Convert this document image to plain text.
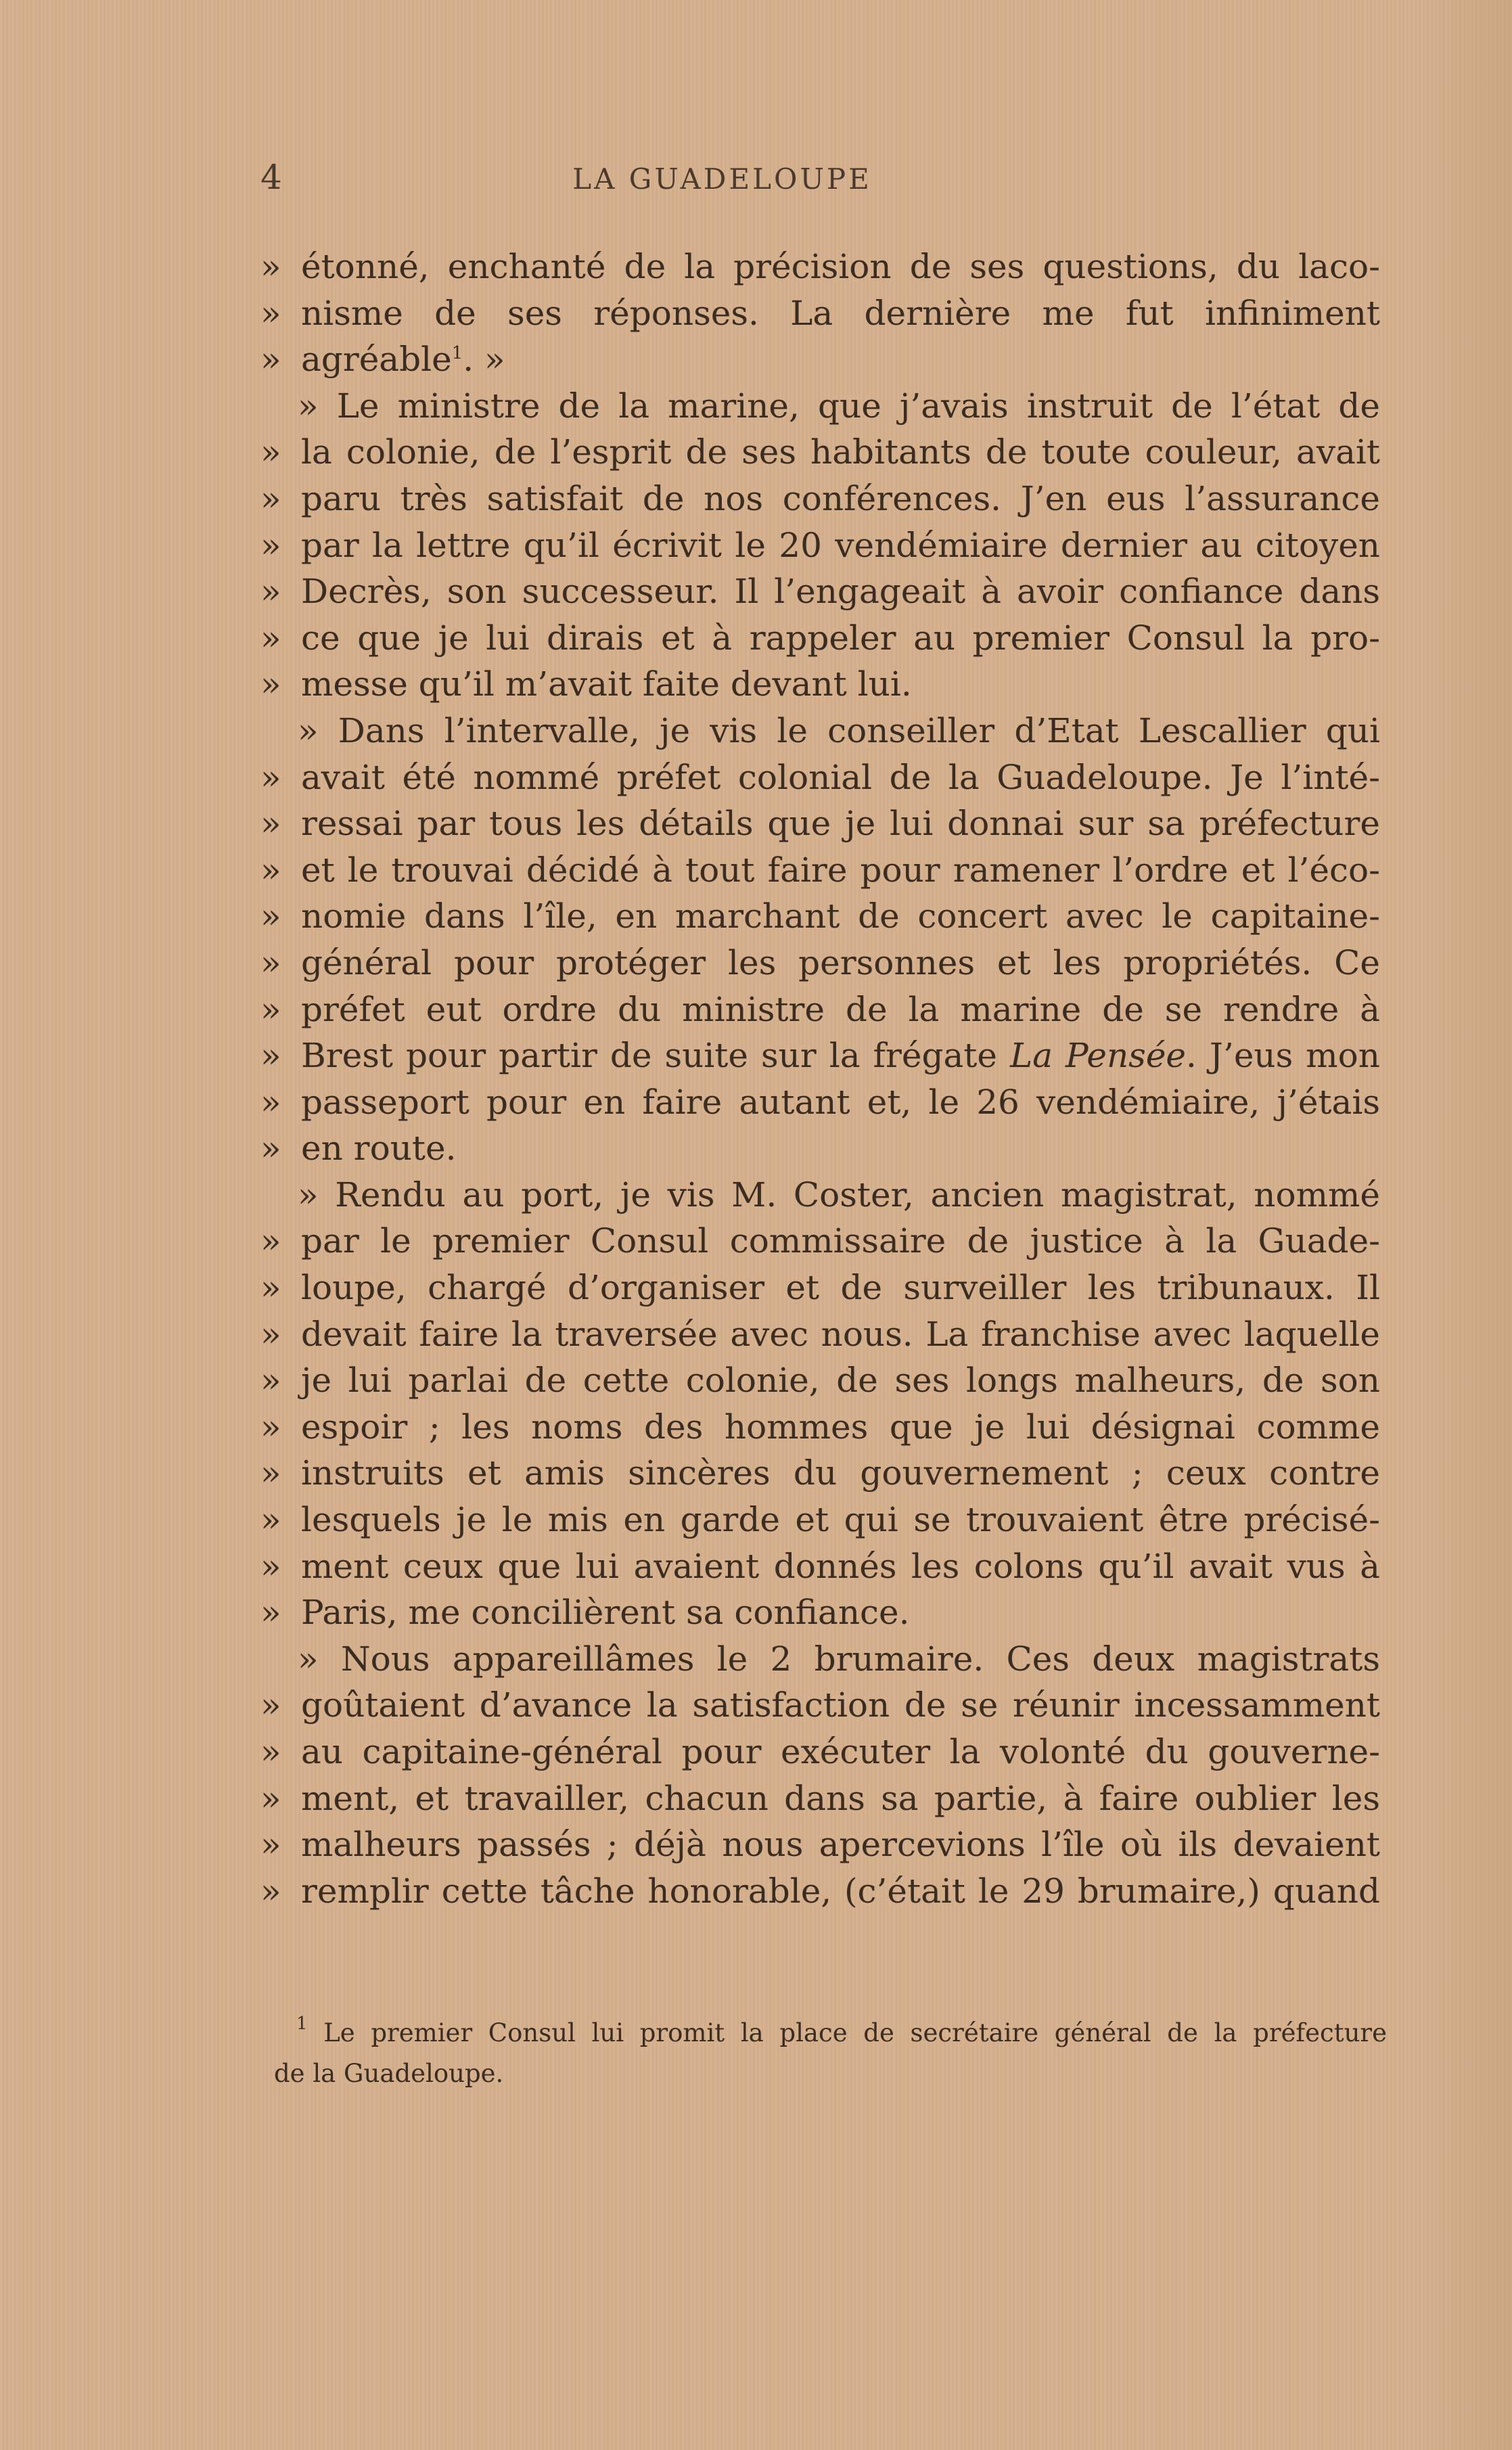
4	LA GUADELOUPE
» étonné, enchanté de la précision de ses questions, du laco-
» nisme de ses réponses. La dernière me fut infiniment
» agréable$^1$. »
» Le ministre de la marine, que j’avais instruit de l’état de
» la colonie, de l’esprit de ses habitants de toute couleur, avait
» paru très satisfait de nos conférences. J’en eus l’assurance
» par la lettre qu’il écrivit le 20 vendémiaire dernier au citoyen
» Decrès, son successeur. Il l’engageait à avoir confiance dans
» ce que je lui dirais et à rappeler au premier Consul la pro-
» messe qu’il m’avait faite devant lui.
» Dans l’intervalle, je vis le conseiller d’Etat Lescallier qui
» avait été nommé préfet colonial de la Guadeloupe. Je l’inté-
» ressai par tous les détails que je lui donnai sur sa préfecture
» et le trouvai décidé à tout faire pour ramener l’ordre et l’éco-
» nomie dans l’île, en marchant de concert avec le capitaine-
» général pour protéger les personnes et les propriétés. Ce
» préfet eut ordre du ministre de la marine de se rendre à
» Brest pour partir de suite sur la frégate La Pensée. J’eus mon
» passeport pour en faire autant et, le 26 vendémiaire, j’étais
» en route.
» Rendu au port, je vis M. Coster, ancien magistrat, nommé
» par le premier Consul commissaire de justice à la Guade-
» loupe, chargé d’organiser et de surveiller les tribunaux. Il
» devait faire la traversée avec nous. La franchise avec laquelle
» je lui parlai de cette colonie, de ses longs malheurs, de son
» espoir ; les noms des hommes que je lui désignai comme
» instruits et amis sincères du gouvernement ; ceux contre
» lesquels je le mis en garde et qui se trouvaient être précisé-
» ment ceux que lui avaient donnés les colons qu’il avait vus à
» Paris, me concilièrent sa confiance.
» Nous appareillâmes le 2 brumaire. Ces deux magistrats
» goûtaient d’avance la satisfaction de se réunir incessamment
» au capitaine-général pour exécuter la volonté du gouverne-
» ment, et travailler, chacun dans sa partie, à faire oublier les
» malheurs passés ; déjà nous apercevions l’île où ils devaient
» remplir cette tâche honorable, (c’était le 29 brumaire,) quand
$^1$ Le premier Consul lui promit la place de secrétaire général de la préfecture
de la Guadeloupe.
